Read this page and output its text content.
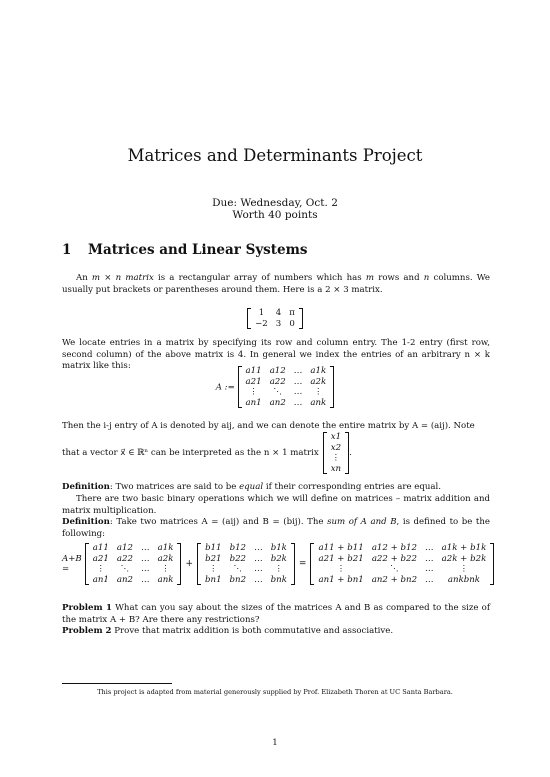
Matrices and Determinants Project
Due: Wednesday, Oct. 2
Worth 40 points
1 Matrices and Linear Systems
An m × n matrix is a rectangular array of numbers which has m rows and n columns. We usually put brackets or parentheses around them. Here is a 2 × 3 matrix.
1	4	π
−2	3	0
We locate entries in a matrix by specifying its row and column entry. The 1-2 entry (first row, second column) of the above matrix is 4. In general we index the entries of an arbitrary n × k matrix like this:
A :=
a11	a12	…	a1k
a21	a22	…	a2k
⋮	⋱	…	⋮
an1	an2	…	ank
Then the i-j entry of A is denoted by aij, and we can denote the entire matrix by A = (aij). Note
that a vector x⃗ ∈ ℝⁿ can be interpreted as the n × 1 matrix
x1
x2
⋮
xn
.
Definition: Two matrices are said to be equal if their corresponding entries are equal.
There are two basic binary operations which we will define on matrices – matrix addition and matrix multiplication.
Definition: Take two matrices A = (aij) and B = (bij). The sum of A and B, is defined to be the following:
A+B =
a11	a12	…	a1k
a21	a22	…	a2k
⋮	⋱	…	⋮
an1	an2	…	ank
+
b11	b12	…	b1k
b21	b22	…	b2k
⋮	⋱	…	⋮
bn1	bn2	…	bnk
=
a11 + b11	a12 + b12	…	a1k + b1k
a21 + b21	a22 + b22	…	a2k + b2k
⋮	⋱	…	⋮
an1 + bn1	an2 + bn2	…	ankbnk
Problem 1 What can you say about the sizes of the matrices A and B as compared to the size of the matrix A + B? Are there any restrictions?
Problem 2 Prove that matrix addition is both commutative and associative.
This project is adapted from material generously supplied by Prof. Elizabeth Thoren at UC Santa Barbara.
1
